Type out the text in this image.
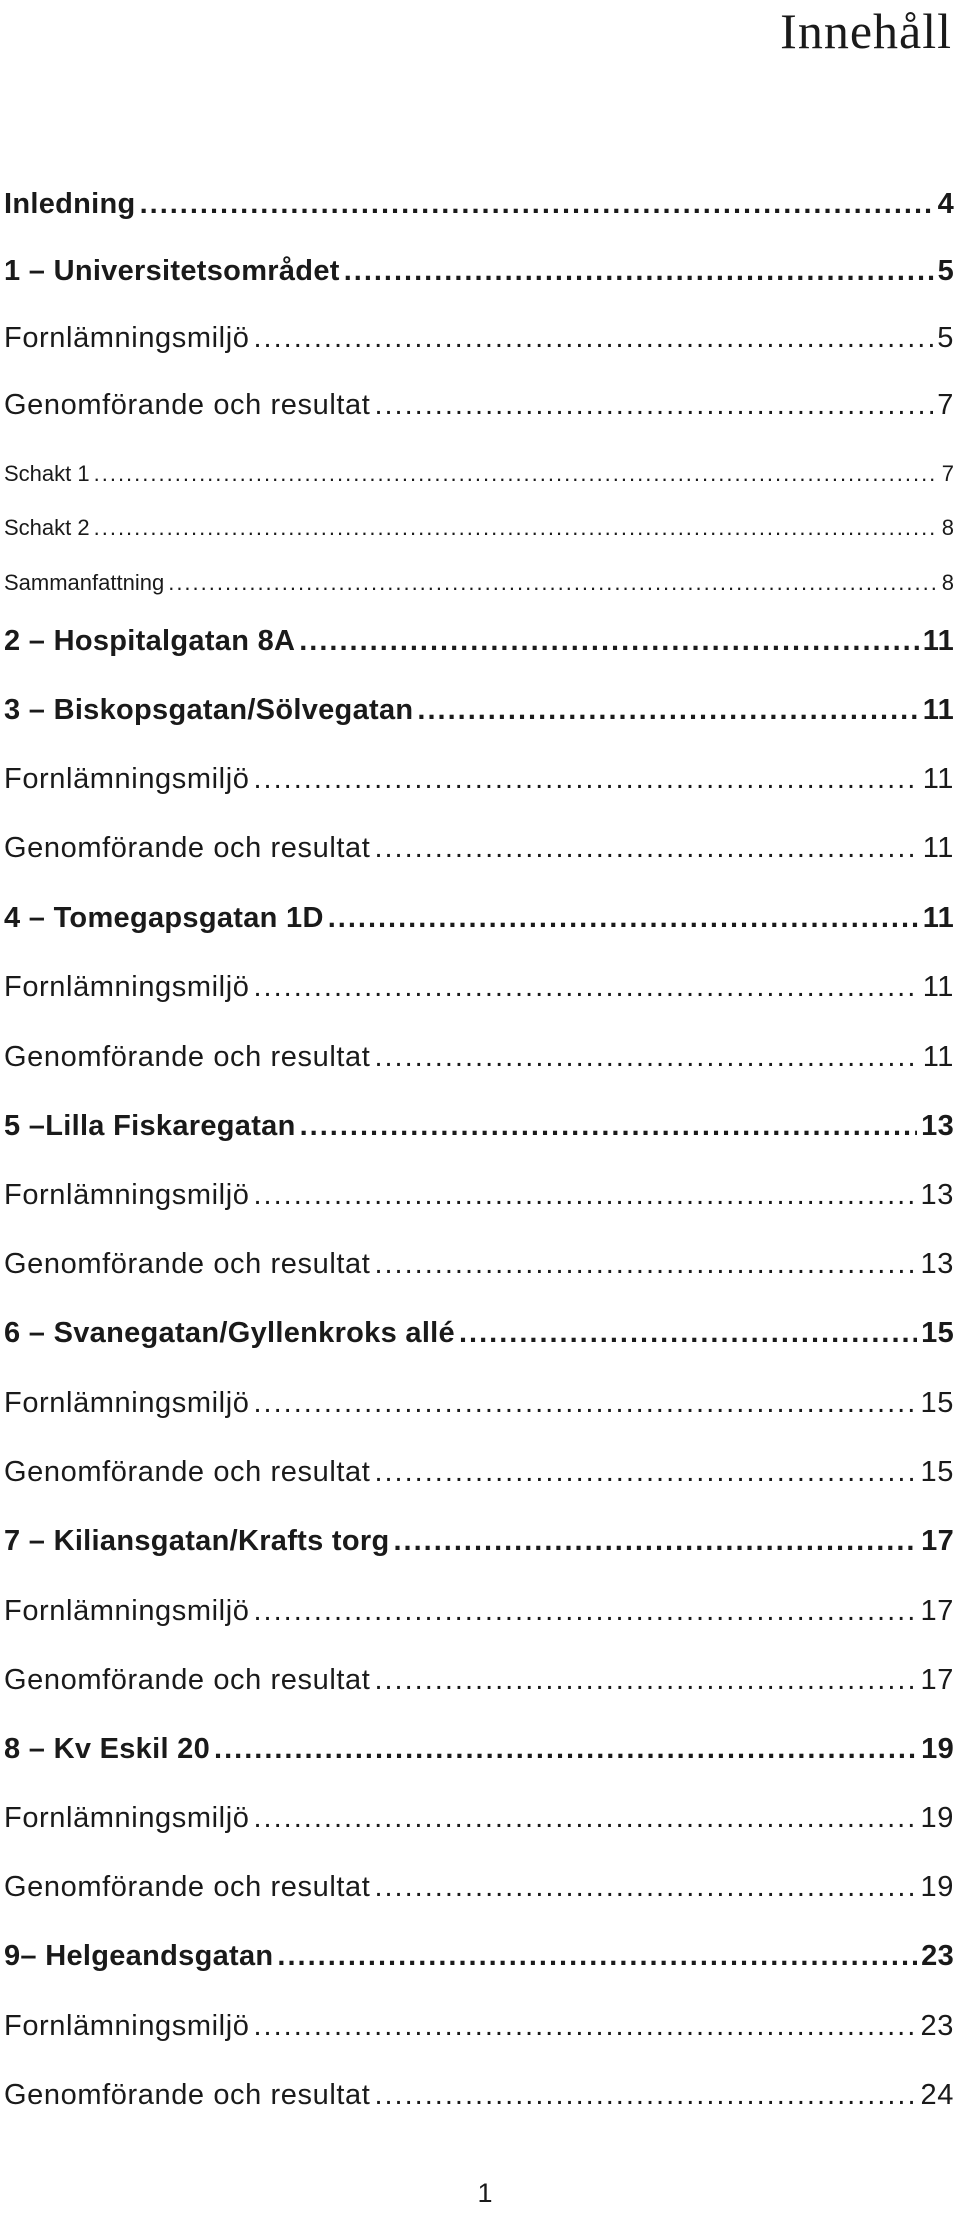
Innehåll
Inledning .....	4
1 – Universitetsområdet .....	5
Fornlämningsmiljö .....	5
Genomförande och resultat .....	7
Schakt 1 .....	7
Schakt 2 .....	8
Sammanfattning .....	8
2 – Hospitalgatan 8A .....	11
3 – Biskopsgatan/Sölvegatan .....	11
Fornlämningsmiljö .....	11
Genomförande och resultat .....	11
4 – Tomegapsgatan 1D .....	11
Fornlämningsmiljö .....	11
Genomförande och resultat .....	11
5 –Lilla Fiskaregatan .....	13
Fornlämningsmiljö .....	13
Genomförande och resultat .....	13
6 – Svanegatan/Gyllenkroks allé .....	15
Fornlämningsmiljö .....	15
Genomförande och resultat .....	15
7 – Kiliansgatan/Krafts torg .....	17
Fornlämningsmiljö .....	17
Genomförande och resultat .....	17
8 – Kv Eskil 20 .....	19
Fornlämningsmiljö .....	19
Genomförande och resultat .....	19
9– Helgeandsgatan .....	23
Fornlämningsmiljö .....	23
Genomförande och resultat .....	24
1
